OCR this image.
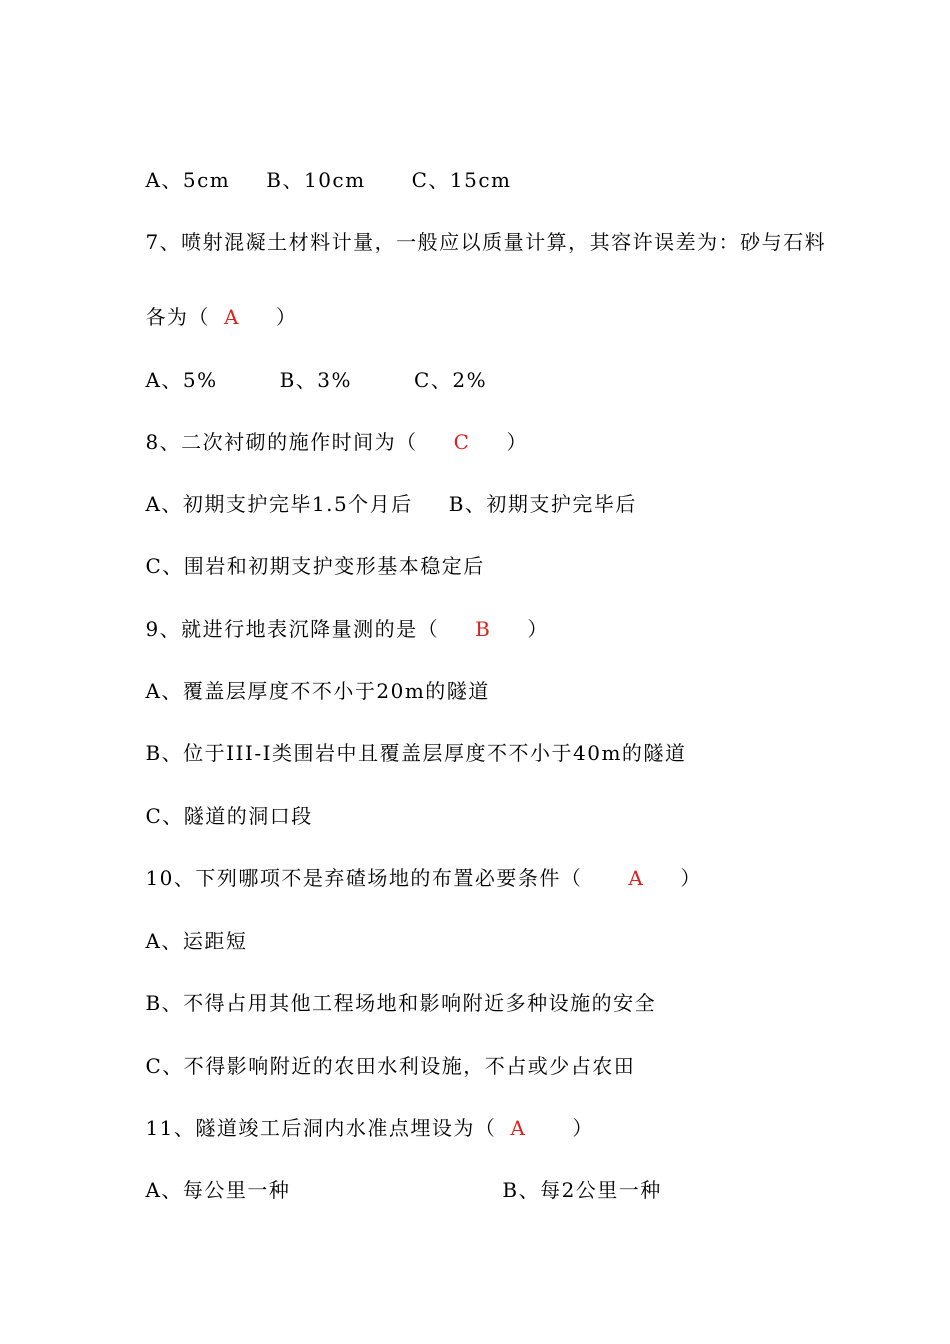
A、5cm B、10cm C、15cm

7、喷射混凝土材料计量，一般应以质量计算，其容许误差为：砂与石料

各为（ A ）

A、5%	B、3%	C、2%

8、二次衬砌的施作时间为（ C ）

A、初期支护完毕1.5个月后 B、初期支护完毕后

C、围岩和初期支护变形基本稳定后

9、就进行地表沉降量测的是（ B ）

A、覆盖层厚度不不小于20m的隧道

B、位于III-I类围岩中且覆盖层厚度不不小于40m的隧道

C、隧道的洞口段

10、下列哪项不是弃碴场地的布置必要条件（ A ）

A、运距短

B、不得占用其他工程场地和影响附近多种设施的安全

C、不得影响附近的农田水利设施，不占或少占农田

11、隧道竣工后洞内水准点埋设为（ A ）

A、每公里一种	B、每2公里一种
